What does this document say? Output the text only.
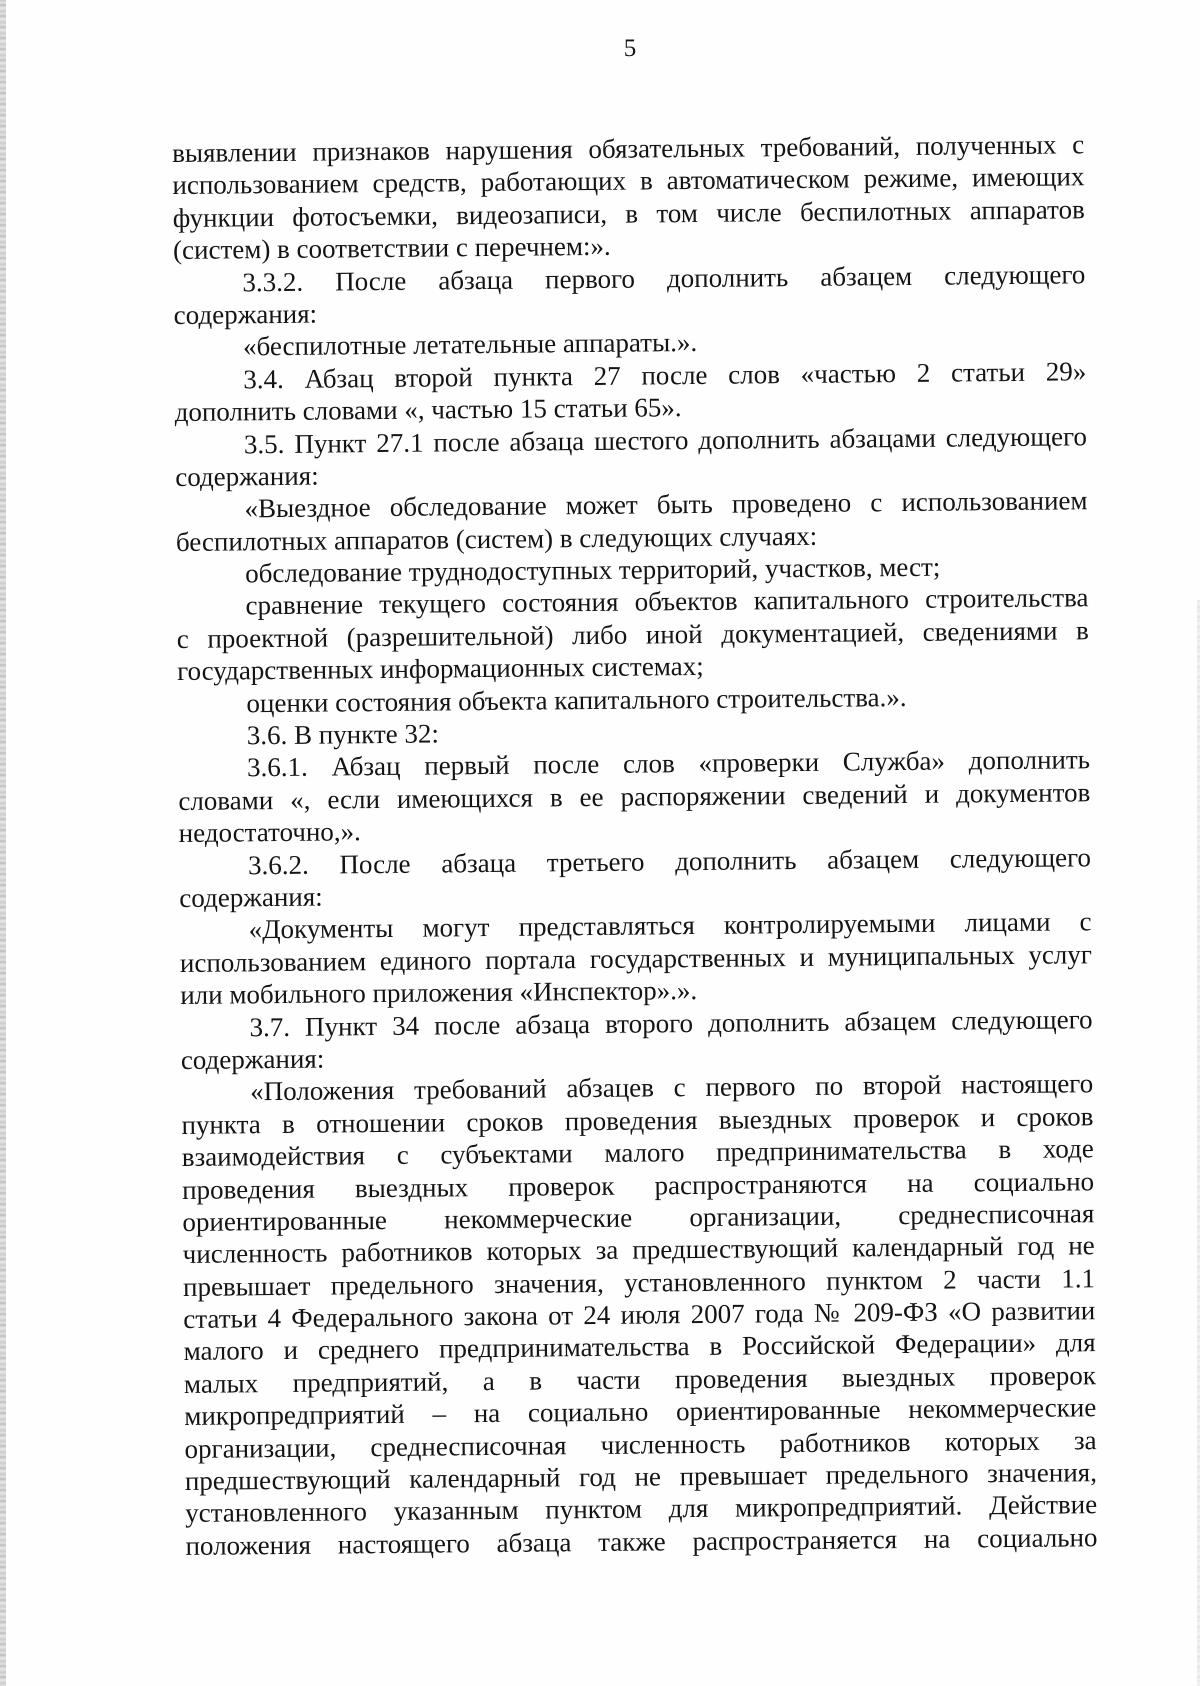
5
выявлении признаков нарушения обязательных требований, полученных с
использованием средств, работающих в автоматическом режиме, имеющих
функции фотосъемки, видеозаписи, в том числе беспилотных аппаратов
(систем) в соответствии с перечнем:».
3.3.2. После абзаца первого дополнить абзацем следующего
содержания:
«беспилотные летательные аппараты.».
3.4. Абзац второй пункта 27 после слов «частью 2 статьи 29»
дополнить словами «, частью 15 статьи 65».
3.5. Пункт 27.1 после абзаца шестого дополнить абзацами следующего
содержания:
«Выездное обследование может быть проведено с использованием
беспилотных аппаратов (систем) в следующих случаях:
обследование труднодоступных территорий, участков, мест;
сравнение текущего состояния объектов капитального строительства
с проектной (разрешительной) либо иной документацией, сведениями в
государственных информационных системах;
оценки состояния объекта капитального строительства.».
3.6. В пункте 32:
3.6.1. Абзац первый после слов «проверки Служба» дополнить
словами «, если имеющихся в ее распоряжении сведений и документов
недостаточно,».
3.6.2. После абзаца третьего дополнить абзацем следующего
содержания:
«Документы могут представляться контролируемыми лицами с
использованием единого портала государственных и муниципальных услуг
или мобильного приложения «Инспектор».».
3.7. Пункт 34 после абзаца второго дополнить абзацем следующего
содержания:
«Положения требований абзацев с первого по второй настоящего
пункта в отношении сроков проведения выездных проверок и сроков
взаимодействия с субъектами малого предпринимательства в ходе
проведения выездных проверок распространяются на социально
ориентированные некоммерческие организации, среднесписочная
численность работников которых за предшествующий календарный год не
превышает предельного значения, установленного пунктом 2 части 1.1
статьи 4 Федерального закона от 24 июля 2007 года № 209-ФЗ «О развитии
малого и среднего предпринимательства в Российской Федерации» для
малых предприятий, а в части проведения выездных проверок
микропредприятий – на социально ориентированные некоммерческие
организации, среднесписочная численность работников которых за
предшествующий календарный год не превышает предельного значения,
установленного указанным пунктом для микропредприятий. Действие
положения настоящего абзаца также распространяется на социально
